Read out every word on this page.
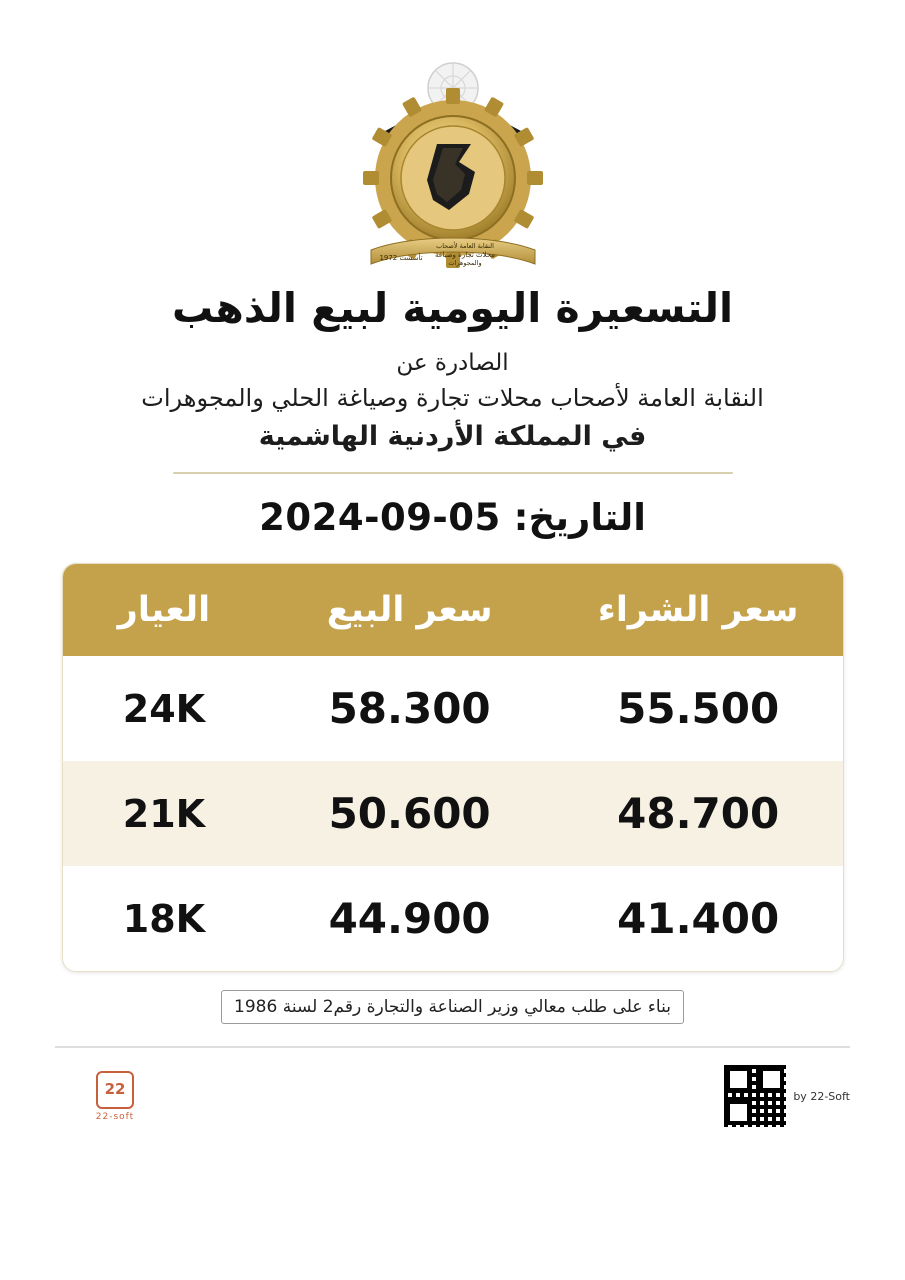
تأسست 1972 محلات تجارة وصياغة
والمجوهرات
النقابة العامة لأصحاب
التسعيرة اليومية لبيع الذهب
الصادرة عن
النقابة العامة لأصحاب محلات تجارة وصياغة الحلي والمجوهرات
في المملكة الأردنية الهاشمية
التاريخ: 2024-09-05
سعر الشراء
سعر البيع
العيار
55.500
58.300
24K
48.700
50.600
21K
41.400
44.900
18K
بناء على طلب معالي وزير الصناعة والتجارة رقم2 لسنة 1986
22
22-soft
by 22-Soft
